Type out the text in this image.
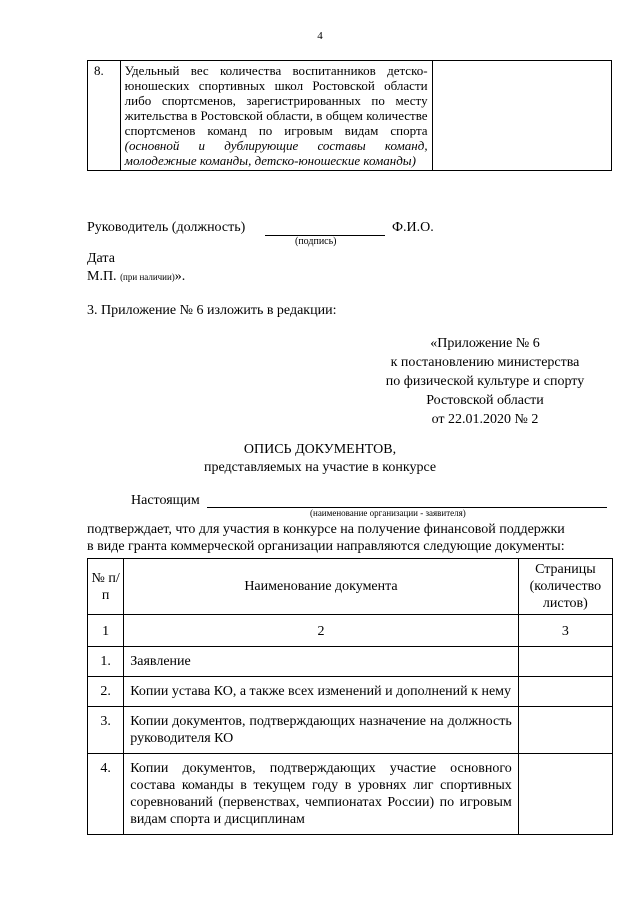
4
8.	Удельный вес количества воспитанников детско-юношеских спортивных школ Ростовской области либо спортсменов, зарегистрированных по месту жительства в Ростовской области, в общем количестве спортсменов команд по игровым видам спорта (основной и дублирующие составы команд, молодежные команды, детско-юношеские команды)	
Руководитель (должность)	Ф.И.О.
(подпись)
Дата
М.П. (при наличии)».
3. Приложение № 6 изложить в редакции:
«Приложение № 6
к постановлению министерства
по физической культуре и спорту
Ростовской области
от 22.01.2020 № 2
ОПИСЬ ДОКУМЕНТОВ,
представляемых на участие в конкурсе
Настоящим
(наименование организации - заявителя)
подтверждает, что для участия в конкурсе на получение финансовой поддержки
в виде гранта коммерческой организации направляются следующие документы:
№ п/п	Наименование документа	Страницы (количество листов)
1	2	3
1.	Заявление	
2.	Копии устава КО, а также всех изменений и дополнений к нему	
3.	Копии документов, подтверждающих назначение на должность руководителя КО	
4.	Копии документов, подтверждающих участие основного состава команды в текущем году в уровнях лиг спортивных соревнований (первенствах, чемпионатах России) по игровым видам спорта и дисциплинам	
